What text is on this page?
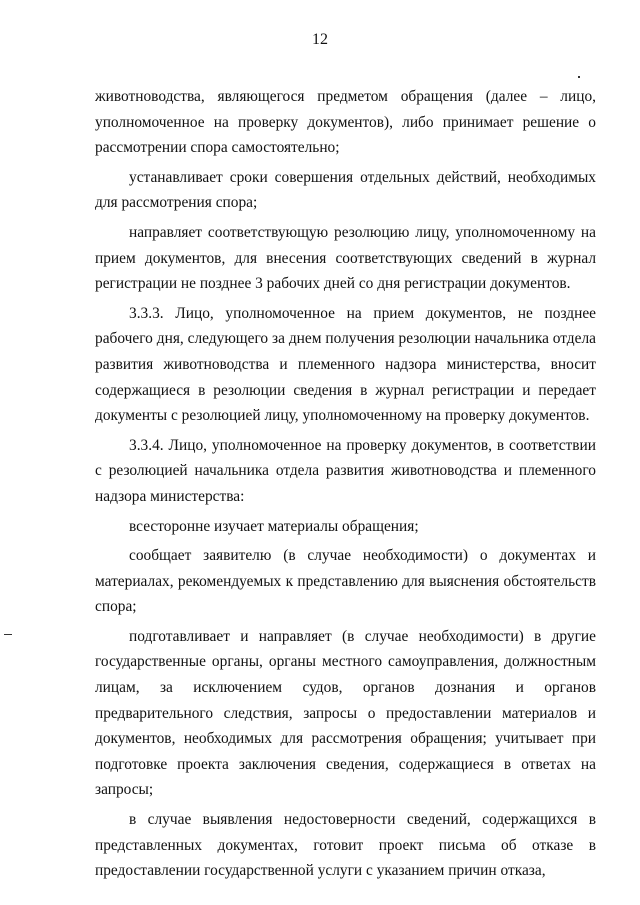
12

животноводства, являющегося предметом обращения (далее – лицо, уполномоченное на проверку документов), либо принимает решение о рассмотрении спора самостоятельно;

устанавливает сроки совершения отдельных действий, необходимых для рассмотрения спора;

направляет соответствующую резолюцию лицу, уполномоченному на прием документов, для внесения соответствующих сведений в журнал регистрации не позднее 3 рабочих дней со дня регистрации документов.

3.3.3. Лицо, уполномоченное на прием документов, не позднее рабочего дня, следующего за днем получения резолюции начальника отдела развития животноводства и племенного надзора министерства, вносит содержащиеся в резолюции сведения в журнал регистрации и передает документы с резолюцией лицу, уполномоченному на проверку документов.

3.3.4. Лицо, уполномоченное на проверку документов, в соответствии с резолюцией начальника отдела развития животноводства и племенного надзора министерства:

всесторонне изучает материалы обращения;

сообщает заявителю (в случае необходимости) о документах и материалах, рекомендуемых к представлению для выяснения обстоятельств спора;

подготавливает и направляет (в случае необходимости) в другие государственные органы, органы местного самоуправления, должностным лицам, за исключением судов, органов дознания и органов предварительного следствия, запросы о предоставлении материалов и документов, необходимых для рассмотрения обращения; учитывает при подготовке проекта заключения сведения, содержащиеся в ответах на запросы;

в случае выявления недостоверности сведений, содержащихся в представленных документах, готовит проект письма об отказе в предоставлении государственной услуги с указанием причин отказа,
